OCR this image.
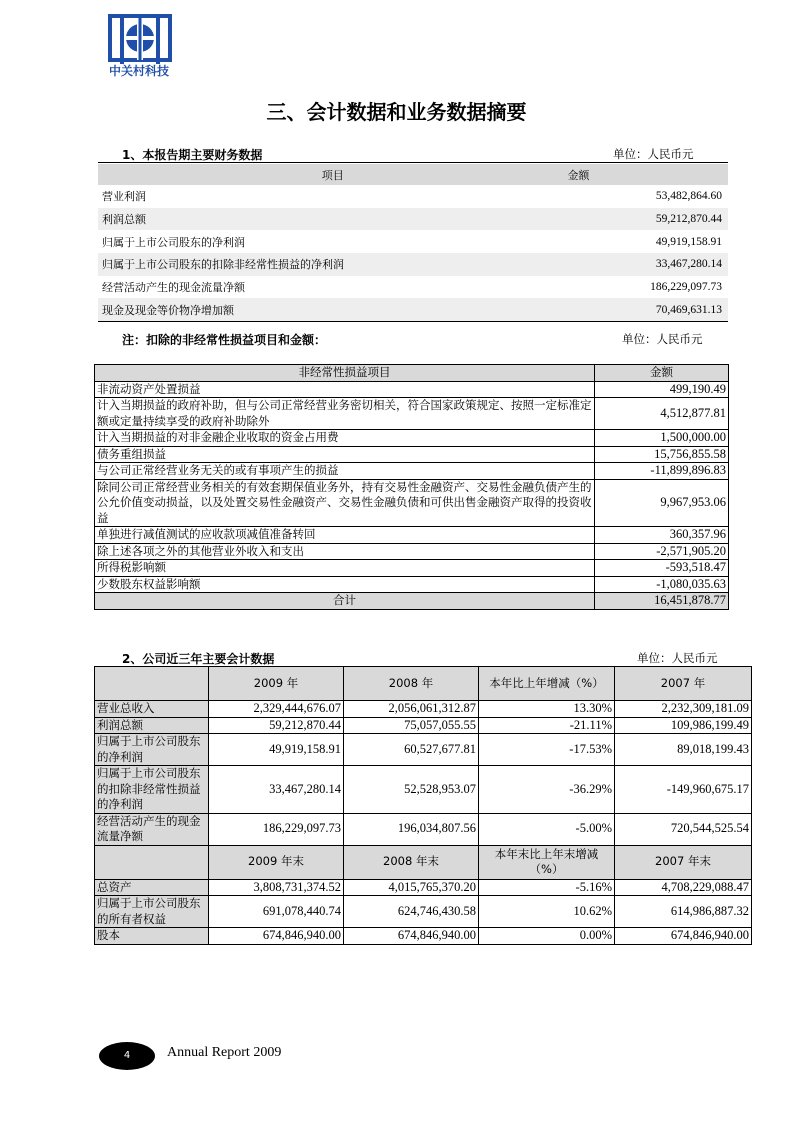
中关村科技
三、会计数据和业务数据摘要
1、本报告期主要财务数据	单位：人民币元
项目	金额
营业利润	53,482,864.60
利润总额	59,212,870.44
归属于上市公司股东的净利润	49,919,158.91
归属于上市公司股东的扣除非经常性损益的净利润	33,467,280.14
经营活动产生的现金流量净额	186,229,097.73
现金及现金等价物净增加额	70,469,631.13
注：扣除的非经常性损益项目和金额：	单位：人民币元
非经常性损益项目	金额
非流动资产处置损益	499,190.49
计入当期损益的政府补助，但与公司正常经营业务密切相关，符合国家政策规定、按照一定标准定额或定量持续享受的政府补助除外	4,512,877.81
计入当期损益的对非金融企业收取的资金占用费	1,500,000.00
债务重组损益	15,756,855.58
与公司正常经营业务无关的或有事项产生的损益	-11,899,896.83
除同公司正常经营业务相关的有效套期保值业务外，持有交易性金融资产、交易性金融负债产生的公允价值变动损益，以及处置交易性金融资产、交易性金融负债和可供出售金融资产取得的投资收益	9,967,953.06
单独进行减值测试的应收款项减值准备转回	360,357.96
除上述各项之外的其他营业外收入和支出	-2,571,905.20
所得税影响额	-593,518.47
少数股东权益影响额	-1,080,035.63
合计	16,451,878.77
2、公司近三年主要会计数据	单位：人民币元
	2009 年	2008 年	本年比上年增减（%）	2007 年
营业总收入	2,329,444,676.07	2,056,061,312.87	13.30%	2,232,309,181.09
利润总额	59,212,870.44	75,057,055.55	-21.11%	109,986,199.49
归属于上市公司股东的净利润	49,919,158.91	60,527,677.81	-17.53%	89,018,199.43
归属于上市公司股东的扣除非经常性损益的净利润	33,467,280.14	52,528,953.07	-36.29%	-149,960,675.17
经营活动产生的现金流量净额	186,229,097.73	196,034,807.56	-5.00%	720,544,525.54
	2009 年末	2008 年末	本年末比上年末增减（%）	2007 年末
总资产	3,808,731,374.52	4,015,765,370.20	-5.16%	4,708,229,088.47
归属于上市公司股东的所有者权益	691,078,440.74	624,746,430.58	10.62%	614,986,887.32
股本	674,846,940.00	674,846,940.00	0.00%	674,846,940.00
4	Annual Report 2009
